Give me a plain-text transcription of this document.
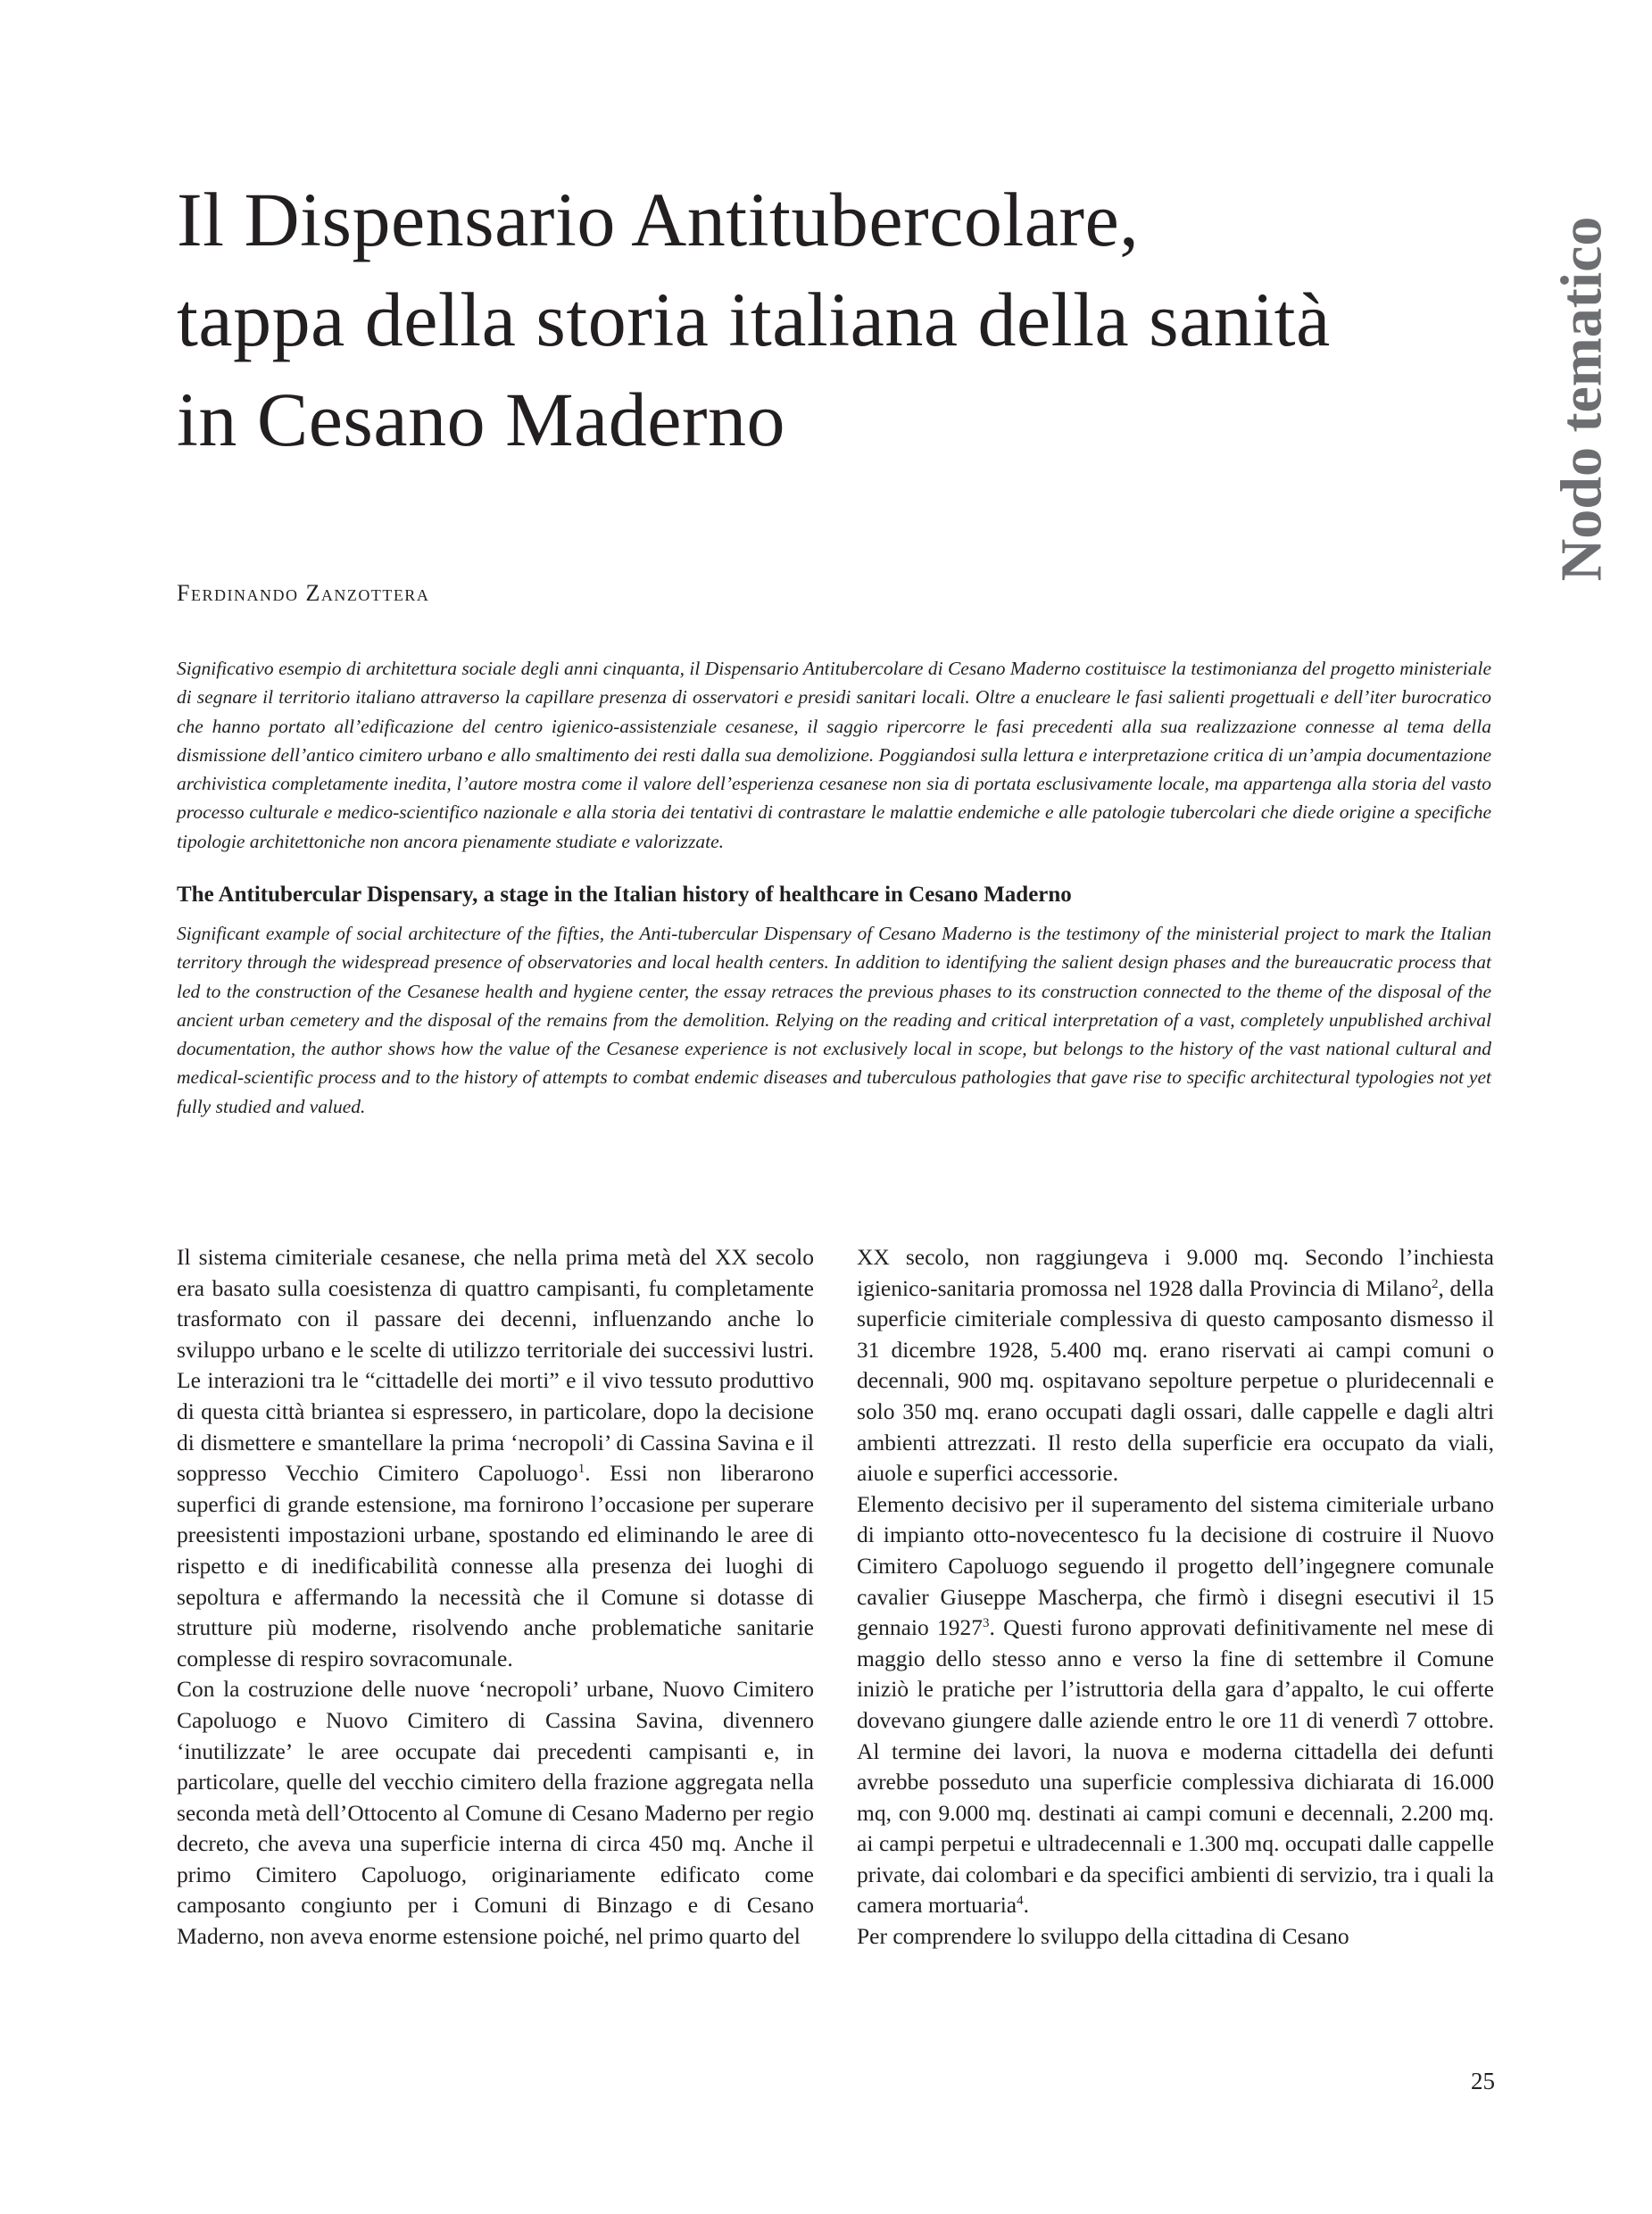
Il Dispensario Antitubercolare,
tappa della storia italiana della sanità
in Cesano Maderno	Nodo tematico
Ferdinando Zanzottera

Significativo esempio di architettura sociale degli anni cinquanta, il Dispensario Antitubercolare di Cesano Maderno costituisce la testimonianza del progetto ministeriale di segnare il territorio italiano attraverso la capillare presenza di osservatori e presidi sanitari locali. Oltre a enucleare le fasi salienti progettuali e dell’iter burocratico che hanno portato all’edificazione del centro igienico-assistenziale cesanese, il saggio ripercorre le fasi precedenti alla sua realizzazione connesse al tema della dismissione dell’antico cimitero urbano e allo smaltimento dei resti dalla sua demolizione. Poggiandosi sulla lettura e interpretazione critica di un’ampia documentazione archivistica completamente inedita, l’autore mostra come il valore dell’esperienza cesanese non sia di portata esclusivamente locale, ma appartenga alla storia del vasto processo culturale e medico-scientifico nazionale e alla storia dei tentativi di contrastare le malattie endemiche e alle patologie tubercolari che diede origine a specifiche tipologie architettoniche non ancora pienamente studiate e valorizzate.

The Antitubercular Dispensary, a stage in the Italian history of healthcare in Cesano Maderno

Significant example of social architecture of the fifties, the Anti-tubercular Dispensary of Cesano Maderno is the testimony of the ministerial project to mark the Italian territory through the widespread presence of observatories and local health centers. In addition to identifying the salient design phases and the bureaucratic process that led to the construction of the Cesanese health and hygiene center, the essay retraces the previous phases to its construction connected to the theme of the disposal of the ancient urban cemetery and the disposal of the remains from the demolition. Relying on the reading and critical interpretation of a vast, completely unpublished archival documentation, the author shows how the value of the Cesanese experience is not exclusively local in scope, but belongs to the history of the vast national cultural and medical-scientific process and to the history of attempts to combat endemic diseases and tuberculous pathologies that gave rise to specific architectural typologies not yet fully studied and valued.

Il sistema cimiteriale cesanese, che nella prima metà del XX secolo era basato sulla coesistenza di quattro campisanti, fu completamente trasformato con il passare dei decenni, influenzando anche lo sviluppo urbano e le scelte di utilizzo territoriale dei successivi lustri. Le interazioni tra le “cittadelle dei morti” e il vivo tessuto produttivo di questa città briantea si espressero, in particolare, dopo la decisione di dismettere e smantellare la prima ‘necropoli’ di Cassina Savina e il soppresso Vecchio Cimitero Capoluogo$^1$. Essi non liberarono superfici di grande estensione, ma fornirono l’occasione per superare preesistenti impostazioni urbane, spostando ed eliminando le aree di rispetto e di inedificabilità connesse alla presenza dei luoghi di sepoltura e affermando la necessità che il Comune si dotasse di strutture più moderne, risolvendo anche problematiche sanitarie complesse di respiro sovracomunale.

Con la costruzione delle nuove ‘necropoli’ urbane, Nuovo Cimitero Capoluogo e Nuovo Cimitero di Cassina Savina, divennero ‘inutilizzate’ le aree occupate dai precedenti campisanti e, in particolare, quelle del vecchio cimitero della frazione aggregata nella seconda metà dell’Ottocento al Comune di Cesano Maderno per regio decreto, che aveva una superficie interna di circa 450 mq. Anche il primo Cimitero Capoluogo, originariamente edificato come camposanto congiunto per i Comuni di Binzago e di Cesano Maderno, non aveva enorme estensione poiché, nel primo quarto del

XX secolo, non raggiungeva i 9.000 mq. Secondo l’inchiesta igienico-sanitaria promossa nel 1928 dalla Provincia di Milano$^2$, della superficie cimiteriale complessiva di questo camposanto dismesso il 31 dicembre 1928, 5.400 mq. erano riservati ai campi comuni o decennali, 900 mq. ospitavano sepolture perpetue o pluridecennali e solo 350 mq. erano occupati dagli ossari, dalle cappelle e dagli altri ambienti attrezzati. Il resto della superficie era occupato da viali, aiuole e superfici accessorie.

Elemento decisivo per il superamento del sistema cimiteriale urbano di impianto otto-novecentesco fu la decisione di costruire il Nuovo Cimitero Capoluogo seguendo il progetto dell’ingegnere comunale cavalier Giuseppe Mascherpa, che firmò i disegni esecutivi il 15 gennaio 1927$^3$. Questi furono approvati definitivamente nel mese di maggio dello stesso anno e verso la fine di settembre il Comune iniziò le pratiche per l’istruttoria della gara d’appalto, le cui offerte dovevano giungere dalle aziende entro le ore 11 di venerdì 7 ottobre. Al termine dei lavori, la nuova e moderna cittadella dei defunti avrebbe posseduto una superficie complessiva dichiarata di 16.000 mq, con 9.000 mq. destinati ai campi comuni e decennali, 2.200 mq. ai campi perpetui e ultradecennali e 1.300 mq. occupati dalle cappelle private, dai colombari e da specifici ambienti di servizio, tra i quali la camera mortuaria$^4$.

Per comprendere lo sviluppo della cittadina di Cesano

25
